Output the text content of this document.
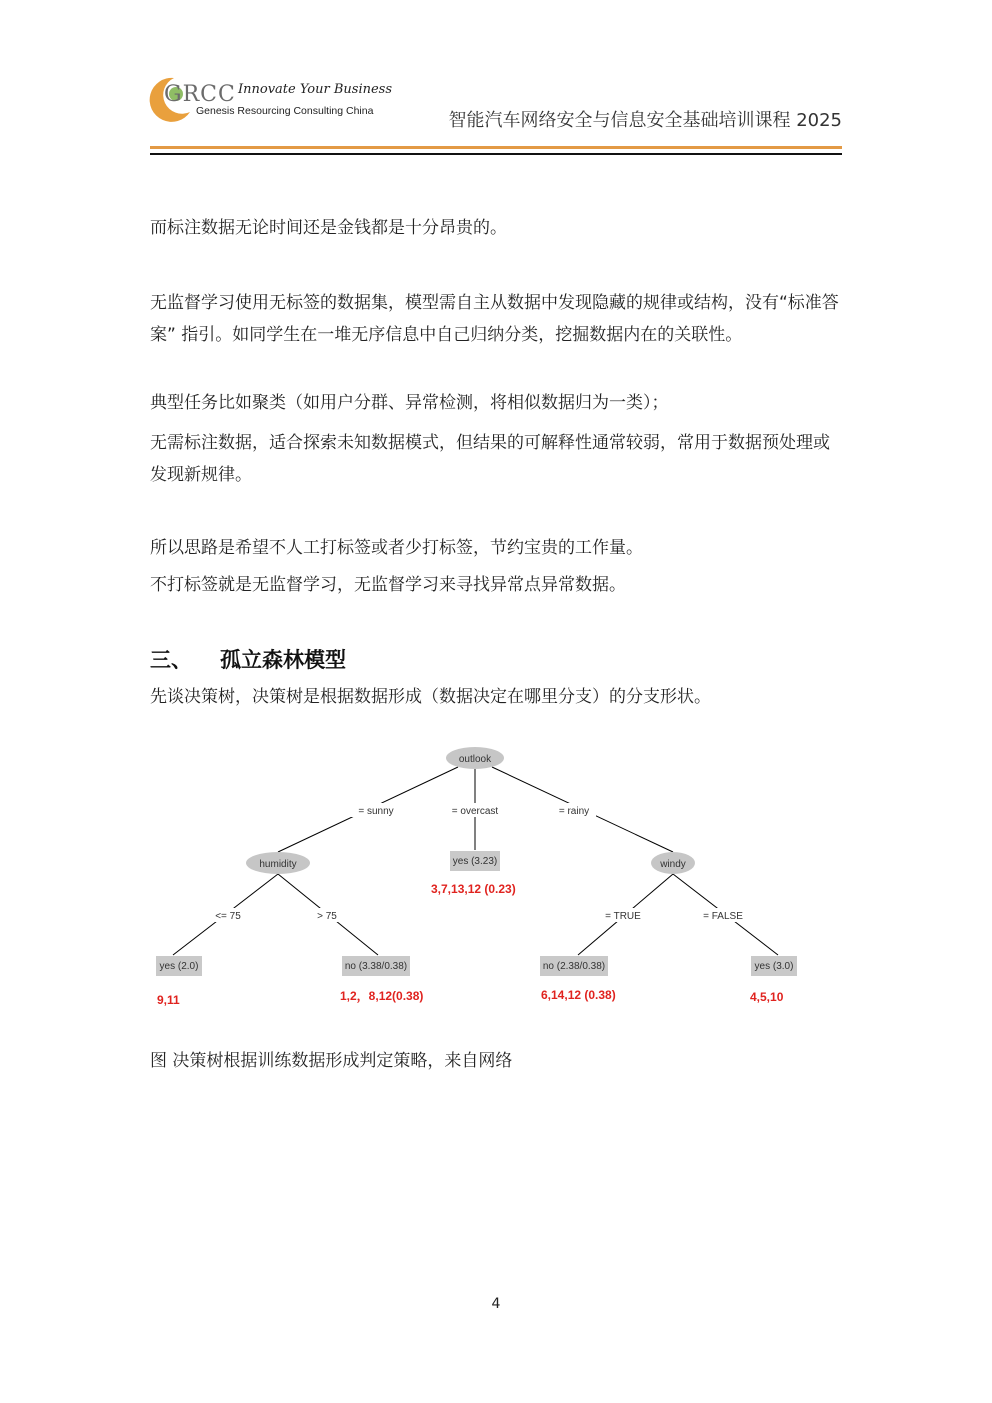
GRCC Innovate Your Business
Genesis Resourcing Consulting China	智能汽车网络安全与信息安全基础培训课程 2025

而标注数据无论时间还是金钱都是十分昂贵的。

无监督学习使用无标签的数据集，模型需自主从数据中发现隐藏的规律或结构，没有“标准答案” 指引。如同学生在一堆无序信息中自己归纳分类，挖掘数据内在的关联性。

典型任务比如聚类（如用户分群、异常检测，将相似数据归为一类）；

无需标注数据，适合探索未知数据模式，但结果的可解释性通常较弱，常用于数据预处理或发现新规律。

所以思路是希望不人工打标签或者少打标签，节约宝贵的工作量。

不打标签就是无监督学习，无监督学习来寻找异常点异常数据。

三、 孤立森林模型

先谈决策树，决策树是根据数据形成（数据决定在哪里分支）的分支形状。

= sunny	= overcast	= rainy
<= 75	> 75	= TRUE	= FALSE
outlook
humidity	windy
yes (3.23)
yes (2.0)	no (3.38/0.38)	no (2.38/0.38)	yes (3.0)
3,7,13,12 (0.23)
9,11	1,2，8,12(0.38)	6,14,12 (0.38)	4,5,10
图 决策树根据训练数据形成判定策略，来自网络
4
